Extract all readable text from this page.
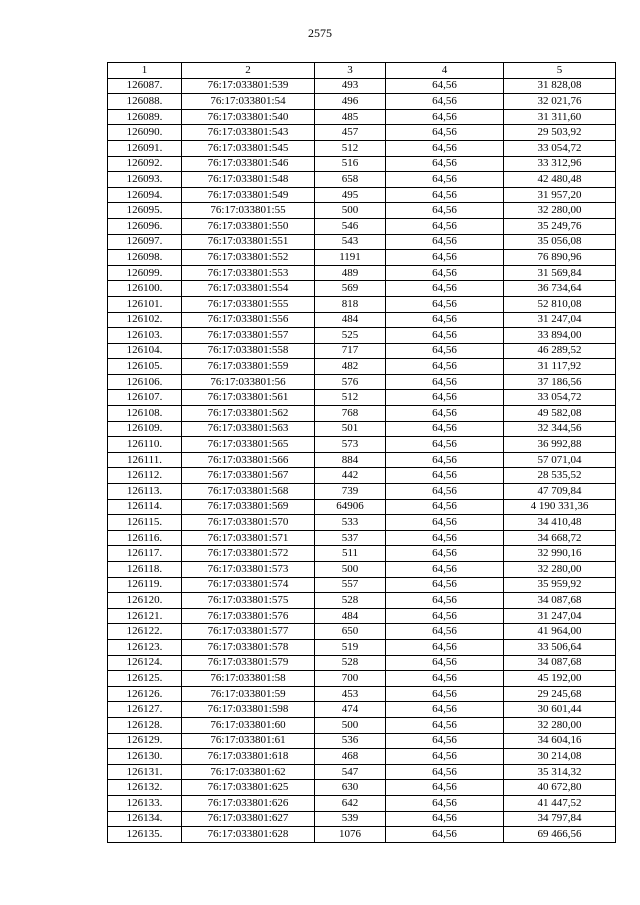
2575
1	2	3	4	5
126087.	76:17:033801:539	493	64,56	31 828,08
126088.	76:17:033801:54	496	64,56	32 021,76
126089.	76:17:033801:540	485	64,56	31 311,60
126090.	76:17:033801:543	457	64,56	29 503,92
126091.	76:17:033801:545	512	64,56	33 054,72
126092.	76:17:033801:546	516	64,56	33 312,96
126093.	76:17:033801:548	658	64,56	42 480,48
126094.	76:17:033801:549	495	64,56	31 957,20
126095.	76:17:033801:55	500	64,56	32 280,00
126096.	76:17:033801:550	546	64,56	35 249,76
126097.	76:17:033801:551	543	64,56	35 056,08
126098.	76:17:033801:552	1191	64,56	76 890,96
126099.	76:17:033801:553	489	64,56	31 569,84
126100.	76:17:033801:554	569	64,56	36 734,64
126101.	76:17:033801:555	818	64,56	52 810,08
126102.	76:17:033801:556	484	64,56	31 247,04
126103.	76:17:033801:557	525	64,56	33 894,00
126104.	76:17:033801:558	717	64,56	46 289,52
126105.	76:17:033801:559	482	64,56	31 117,92
126106.	76:17:033801:56	576	64,56	37 186,56
126107.	76:17:033801:561	512	64,56	33 054,72
126108.	76:17:033801:562	768	64,56	49 582,08
126109.	76:17:033801:563	501	64,56	32 344,56
126110.	76:17:033801:565	573	64,56	36 992,88
126111.	76:17:033801:566	884	64,56	57 071,04
126112.	76:17:033801:567	442	64,56	28 535,52
126113.	76:17:033801:568	739	64,56	47 709,84
126114.	76:17:033801:569	64906	64,56	4 190 331,36
126115.	76:17:033801:570	533	64,56	34 410,48
126116.	76:17:033801:571	537	64,56	34 668,72
126117.	76:17:033801:572	511	64,56	32 990,16
126118.	76:17:033801:573	500	64,56	32 280,00
126119.	76:17:033801:574	557	64,56	35 959,92
126120.	76:17:033801:575	528	64,56	34 087,68
126121.	76:17:033801:576	484	64,56	31 247,04
126122.	76:17:033801:577	650	64,56	41 964,00
126123.	76:17:033801:578	519	64,56	33 506,64
126124.	76:17:033801:579	528	64,56	34 087,68
126125.	76:17:033801:58	700	64,56	45 192,00
126126.	76:17:033801:59	453	64,56	29 245,68
126127.	76:17:033801:598	474	64,56	30 601,44
126128.	76:17:033801:60	500	64,56	32 280,00
126129.	76:17:033801:61	536	64,56	34 604,16
126130.	76:17:033801:618	468	64,56	30 214,08
126131.	76:17:033801:62	547	64,56	35 314,32
126132.	76:17:033801:625	630	64,56	40 672,80
126133.	76:17:033801:626	642	64,56	41 447,52
126134.	76:17:033801:627	539	64,56	34 797,84
126135.	76:17:033801:628	1076	64,56	69 466,56
